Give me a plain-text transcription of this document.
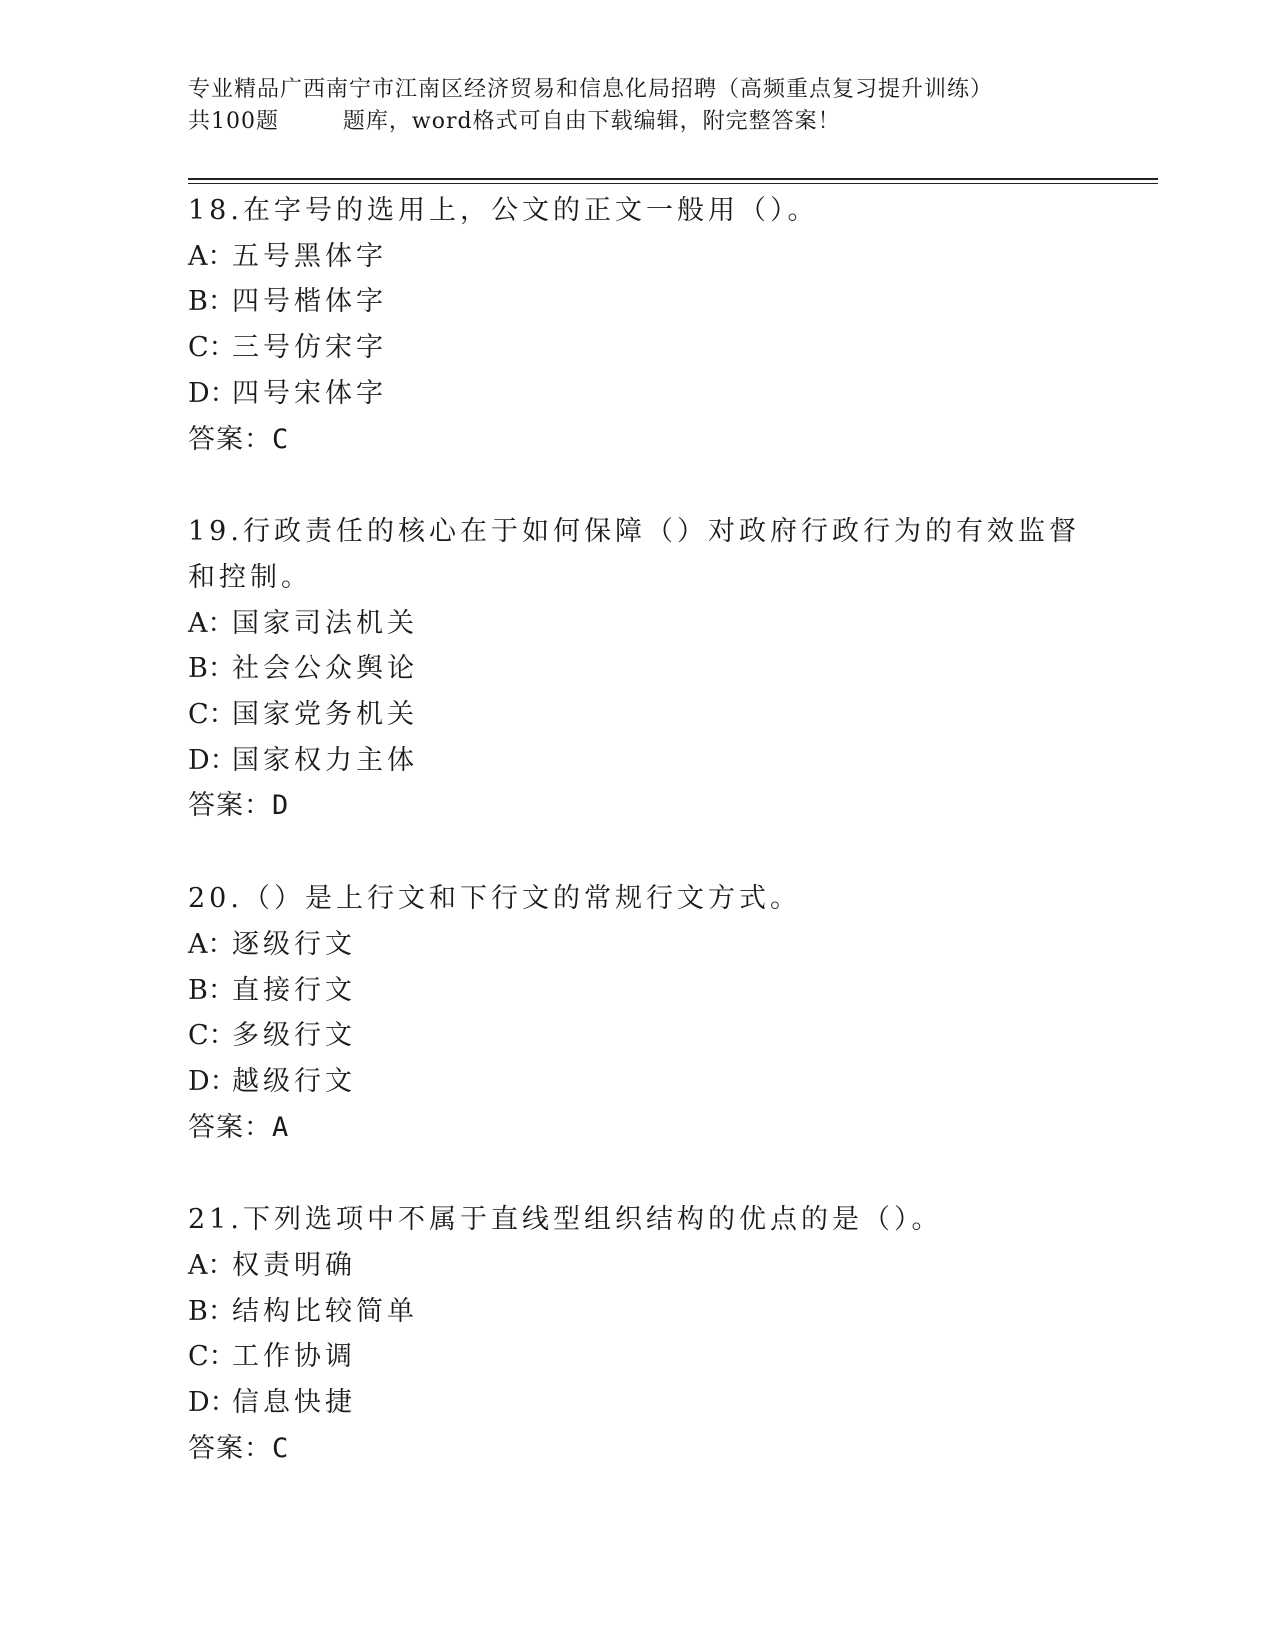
专业精品广西南宁市江南区经济贸易和信息化局招聘（高频重点复习提升训练）
共100题        题库，word格式可自由下载编辑，附完整答案！
18.在字号的选用上，公文的正文一般用（）。
A：五号黑体字
B：四号楷体字
C：三号仿宋字
D：四号宋体字
答案：C
19.行政责任的核心在于如何保障（）对政府行政行为的有效监督和控制。
A：国家司法机关
B：社会公众舆论
C：国家党务机关
D：国家权力主体
答案：D
20.（）是上行文和下行文的常规行文方式。
A：逐级行文
B：直接行文
C：多级行文
D：越级行文
答案：A
21.下列选项中不属于直线型组织结构的优点的是（）。
A：权责明确
B：结构比较简单
C：工作协调
D：信息快捷
答案：C
